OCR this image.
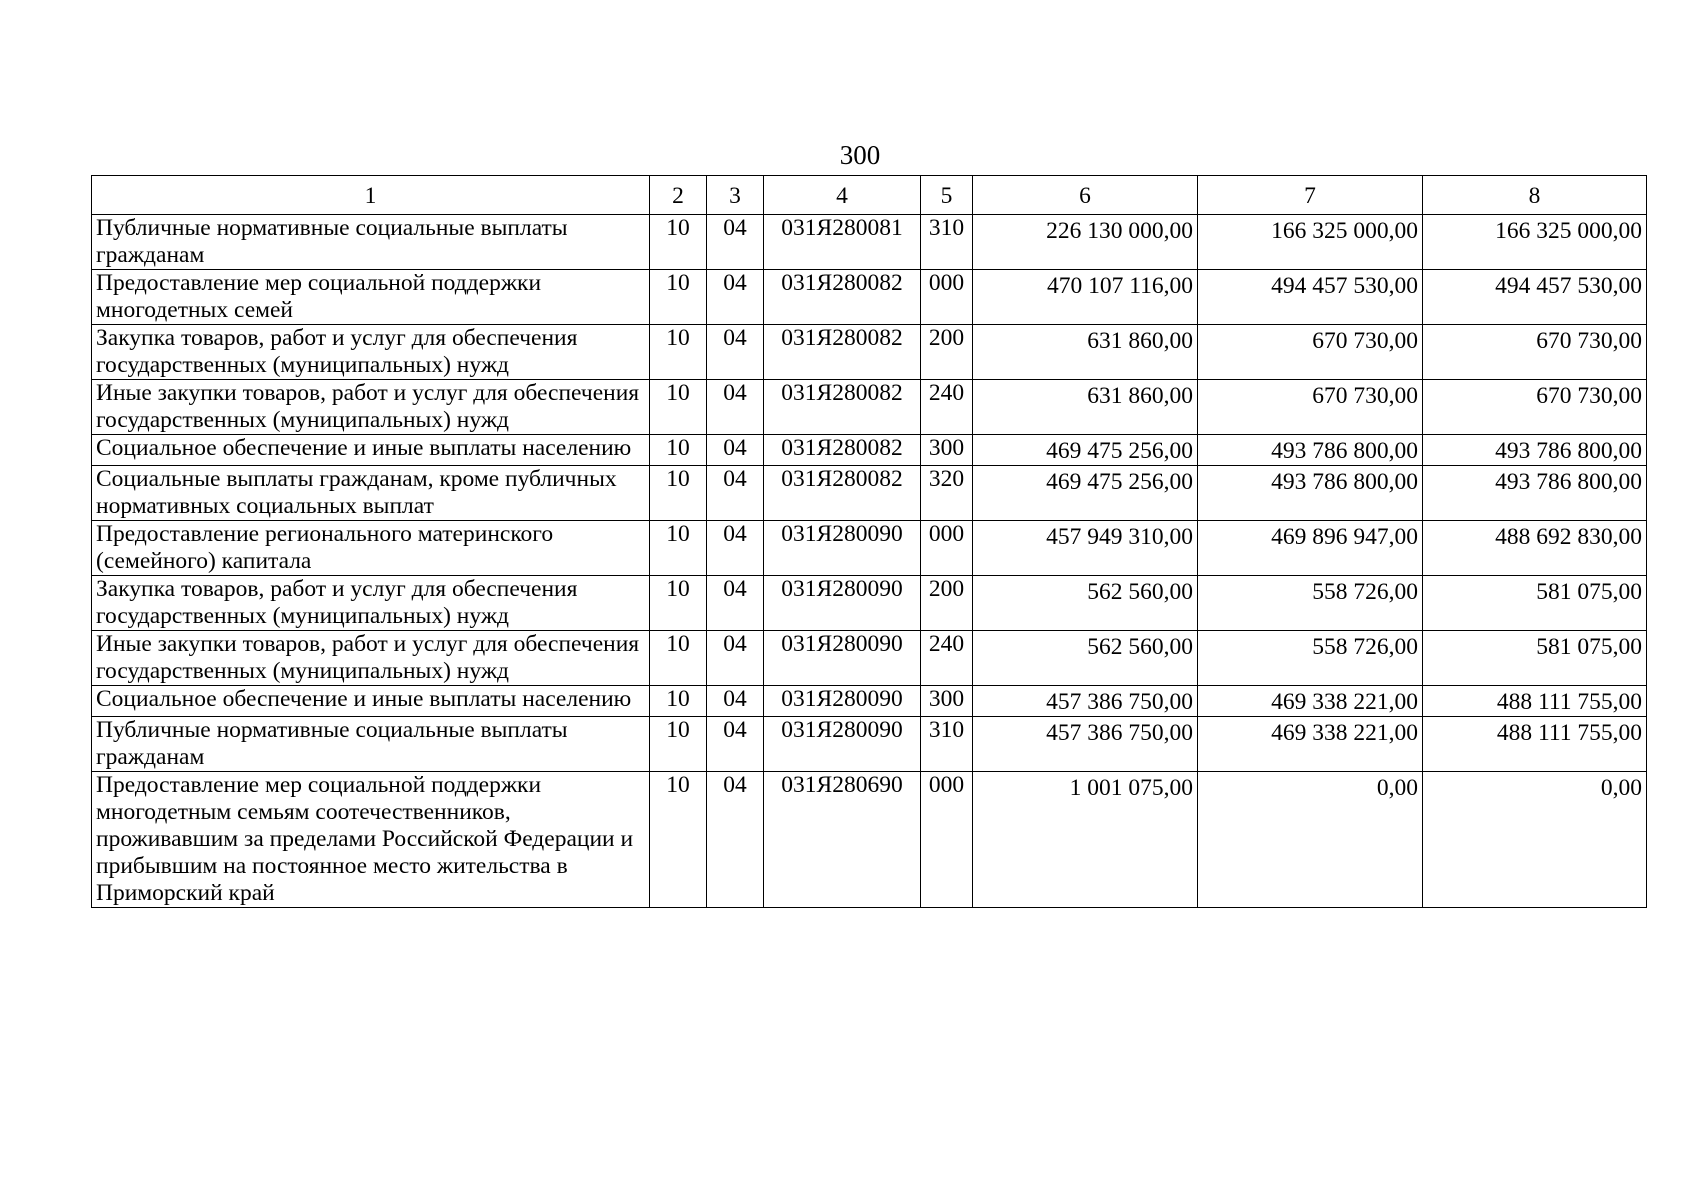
300
1	2	3	4	5	6	7	8
Публичные нормативные социальные выплаты гражданам	10	04	031Я280081	310	226 130 000,00	166 325 000,00	166 325 000,00

Предоставление мер социальной поддержки многодетных семей	10	04	031Я280082	000	470 107 116,00	494 457 530,00	494 457 530,00

Закупка товаров, работ и услуг для обеспечения государственных (муниципальных) нужд	10	04	031Я280082	200	631 860,00	670 730,00	670 730,00

Иные закупки товаров, работ и услуг для обеспечения государственных (муниципальных) нужд	10	04	031Я280082	240	631 860,00	670 730,00	670 730,00

Социальное обеспечение и иные выплаты населению	10	04	031Я280082	300	469 475 256,00	493 786 800,00	493 786 800,00

Социальные выплаты гражданам, кроме публичных нормативных социальных выплат	10	04	031Я280082	320	469 475 256,00	493 786 800,00	493 786 800,00

Предоставление регионального материнского (семейного) капитала	10	04	031Я280090	000	457 949 310,00	469 896 947,00	488 692 830,00

Закупка товаров, работ и услуг для обеспечения государственных (муниципальных) нужд	10	04	031Я280090	200	562 560,00	558 726,00	581 075,00

Иные закупки товаров, работ и услуг для обеспечения государственных (муниципальных) нужд	10	04	031Я280090	240	562 560,00	558 726,00	581 075,00

Социальное обеспечение и иные выплаты населению	10	04	031Я280090	300	457 386 750,00	469 338 221,00	488 111 755,00

Публичные нормативные социальные выплаты гражданам	10	04	031Я280090	310	457 386 750,00	469 338 221,00	488 111 755,00

Предоставление мер социальной поддержки многодетным семьям соотечественников, проживавшим за пределами Российской Федерации и прибывшим на постоянное место жительства в Приморский край	10	04	031Я280690	000	1 001 075,00	0,00	0,00
